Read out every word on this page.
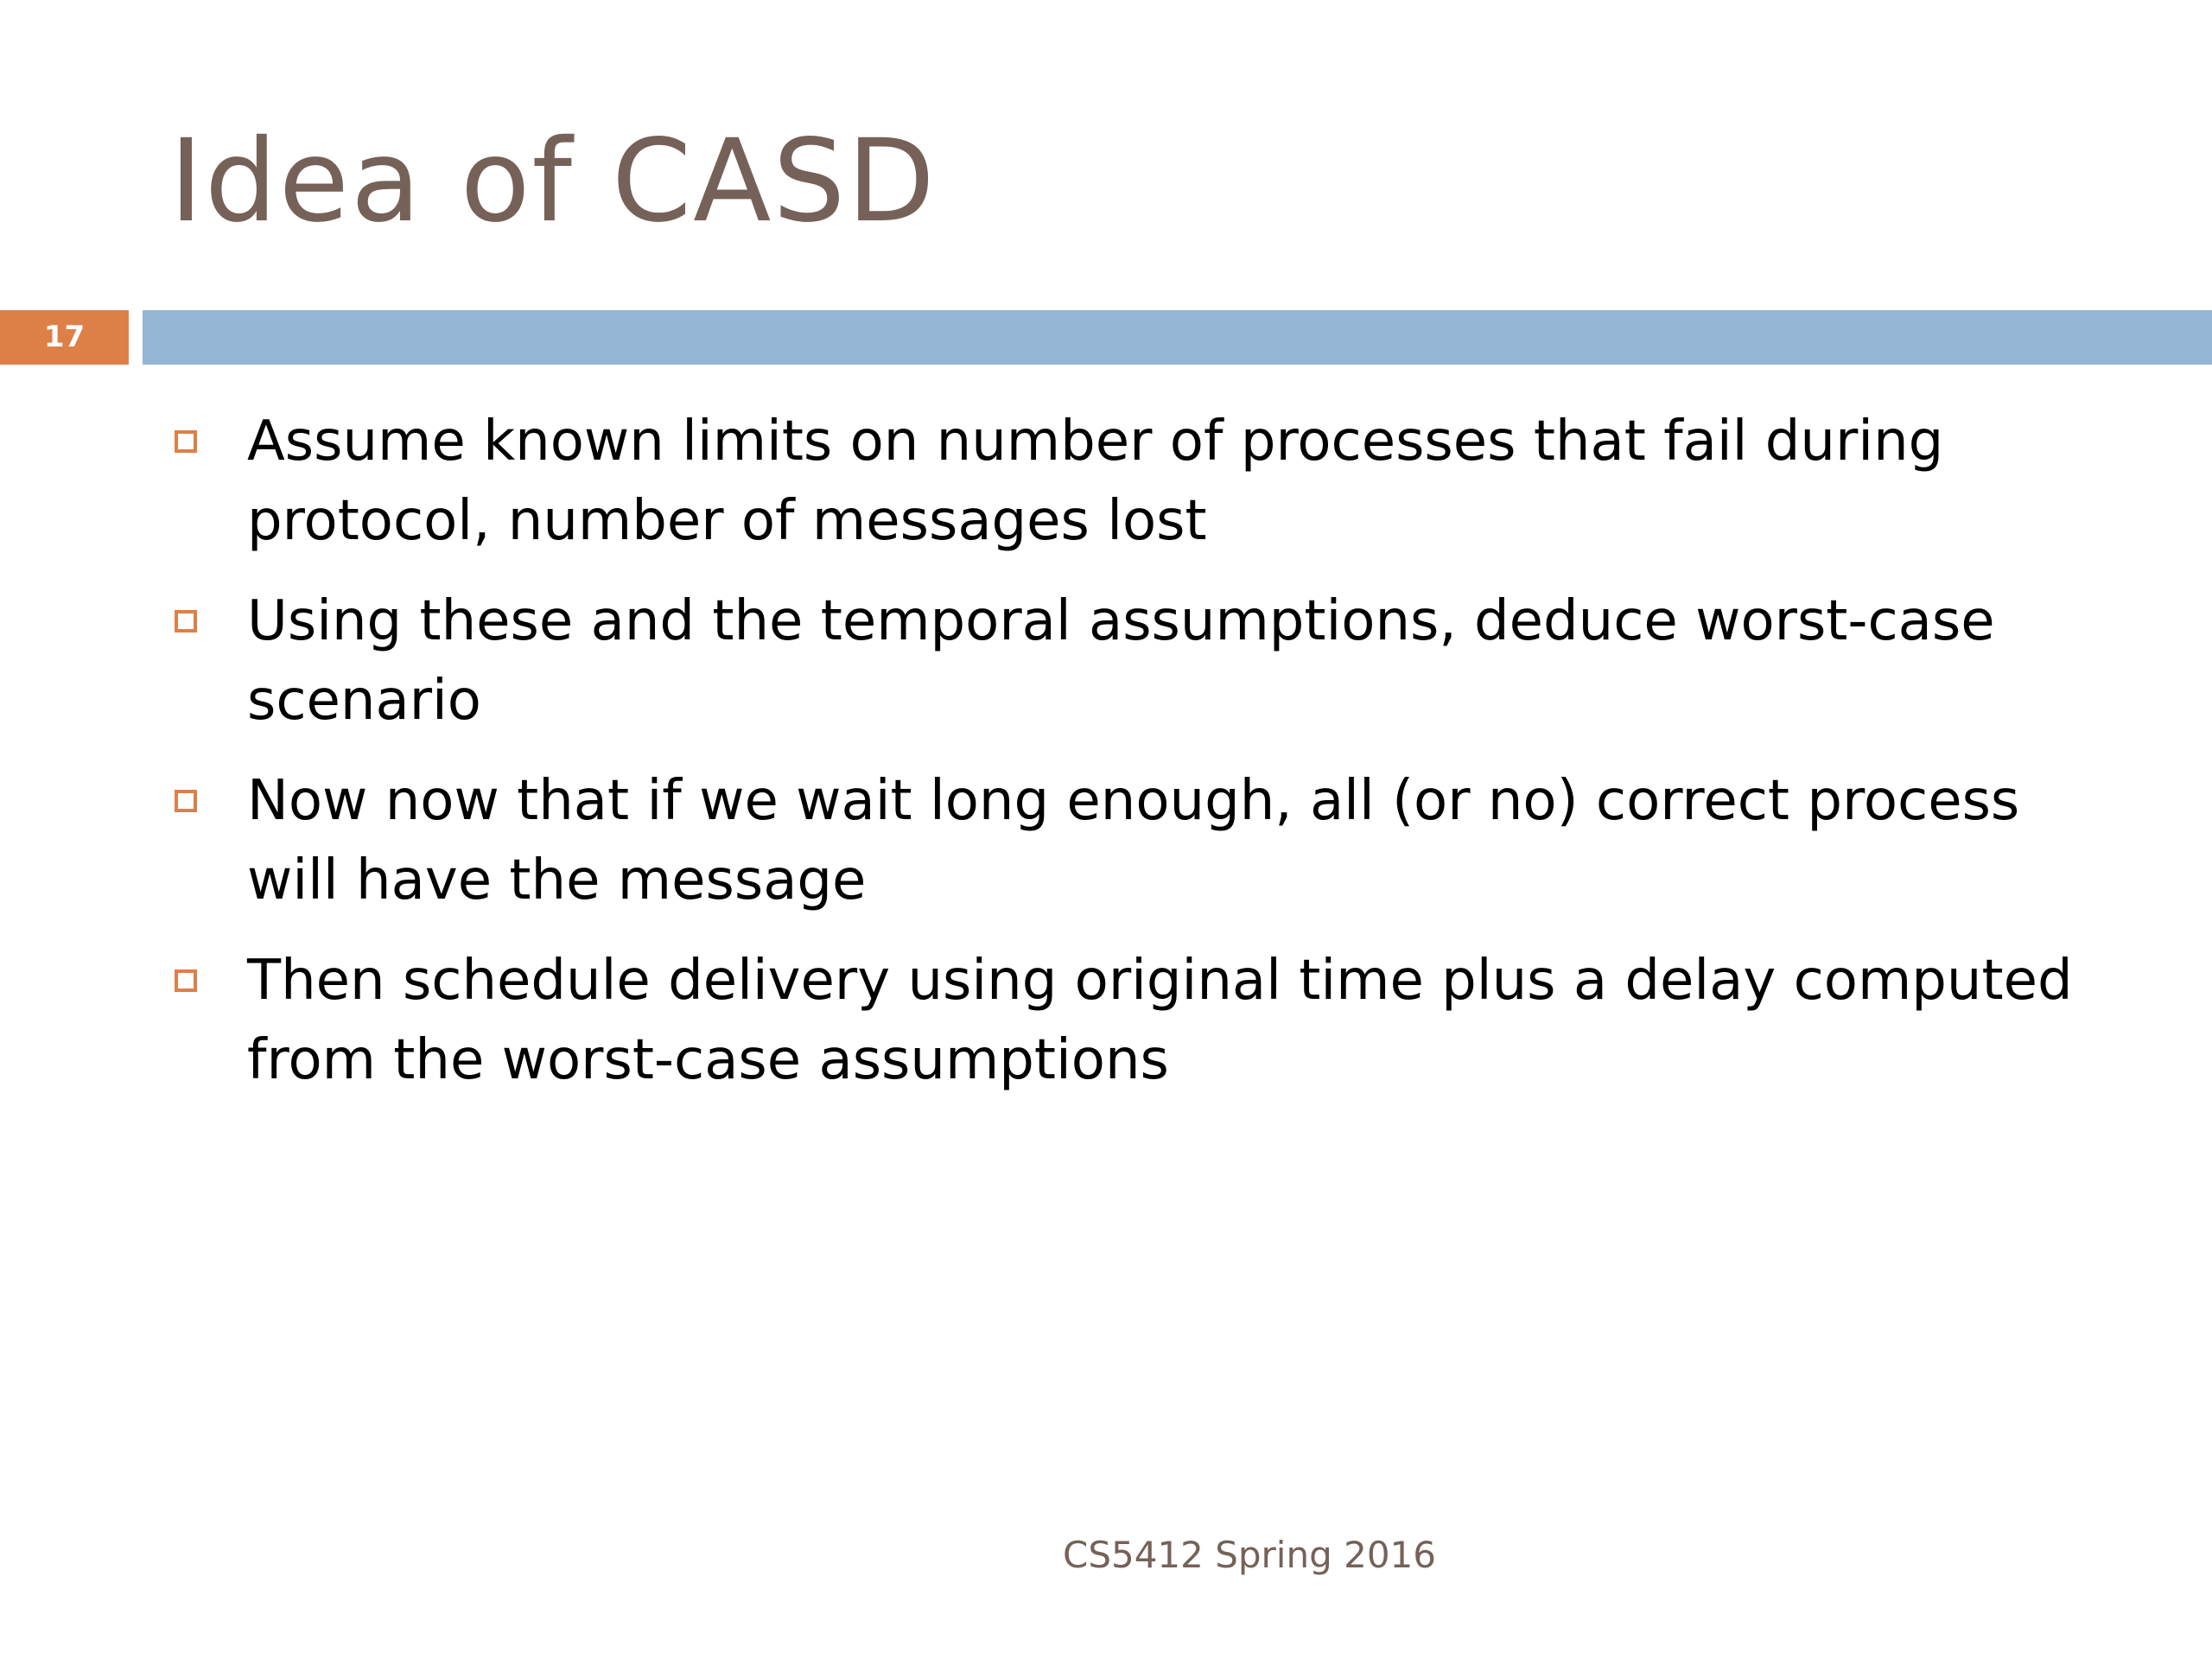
Idea of CASD
17
Assume known limits on number of processes that fail during protocol, number of messages lost
Using these and the temporal assumptions, deduce worst-case scenario
Now now that if we wait long enough, all (or no) correct process will have the message
Then schedule delivery using original time plus a delay computed from the worst-case assumptions
CS5412 Spring 2016
